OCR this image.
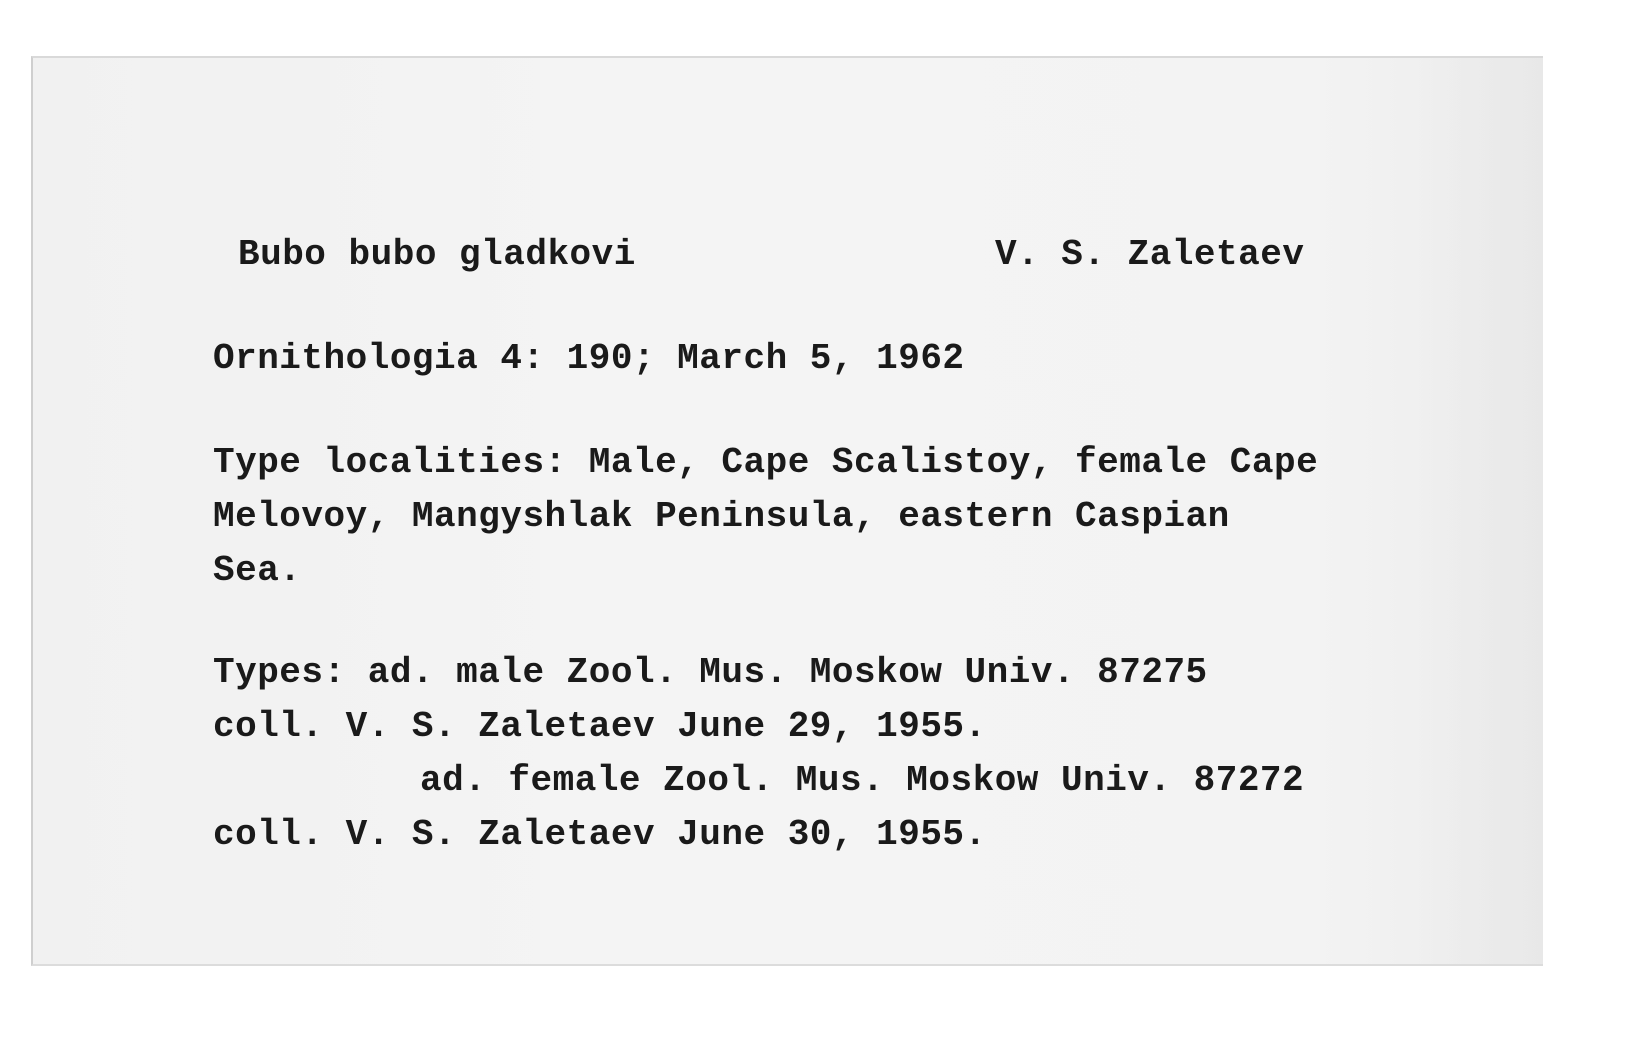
Bubo bubo gladkovi	V. S. Zaletaev

Ornithologia 4: 190; March 5, 1962

Type localities: Male, Cape Scalistoy, female Cape

Melovoy, Mangyshlak Peninsula, eastern Caspian

Sea.

Types: ad. male Zool. Mus. Moskow Univ. 87275

coll. V. S. Zaletaev June 29, 1955.

ad. female Zool. Mus. Moskow Univ. 87272

coll. V. S. Zaletaev June 30, 1955.
